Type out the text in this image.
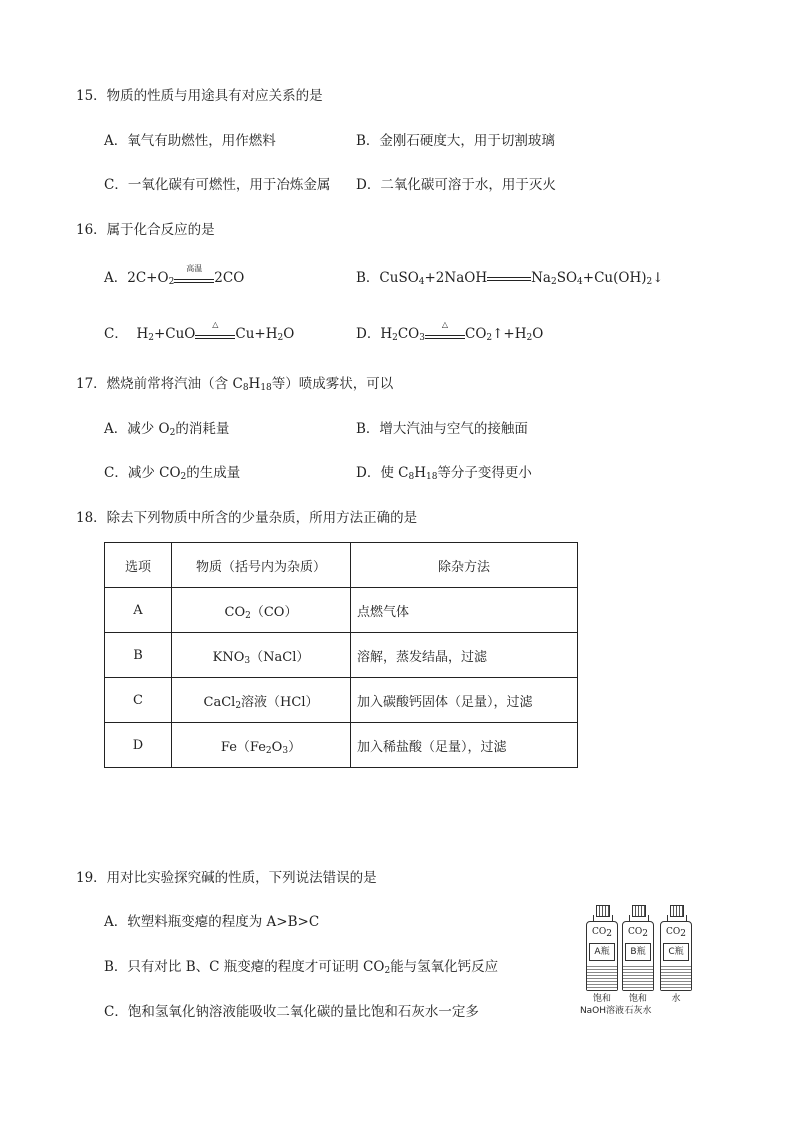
15．物质的性质与用途具有对应关系的是
A．氧气有助燃性，用作燃料	B．金刚石硬度大，用于切割玻璃
C．一氧化碳有可燃性，用于冶炼金属 D．二氧化碳可溶于水，用于灭火
16．属于化合反应的是
A．$2C+O_2$
高温
2CO	B．CuSO$_4$+2NaOH	$Na_2SO_4+Cu(OH)_2↓$
C． $H_2+CuO$
△
$Cu+H_2O$	D．$H_2CO_3$
△
$CO_2↑+H_2O$
17．燃烧前常将汽油（含 $C_8H_{18}$等）喷成雾状，可以
A．减少 $O_2$的消耗量	B．增大汽油与空气的接触面
C．减少 $CO_2$的生成量	D．使 $C_8H_{18}$等分子变得更小
18．除去下列物质中所含的少量杂质，所用方法正确的是
选项	物质（括号内为杂质）	除杂方法
A	$CO_2(CO)$	点燃气体
B	$KNO_3(NaCl)$	溶解，蒸发结晶，过滤
C	CaCl$_2$溶液（HCl）	加入碳酸钙固体（足量），过滤
D	$Fe(Fe_2O_3)$	加入稀盐酸（足量），过滤
19．用对比实验探究碱的性质，下列说法错误的是
A．软塑料瓶变瘪的程度为 A>B>C
B．只有对比 B、C 瓶变瘪的程度才可证明 $CO_2$能与氢氧化钙反应
C．饱和氢氧化钠溶液能吸收二氧化碳的量比饱和石灰水一定多
$CO_2$
A瓶
$CO_2$
B瓶
$CO_2$
C瓶
饱和
NaOH溶液
饱和
石灰水
水
